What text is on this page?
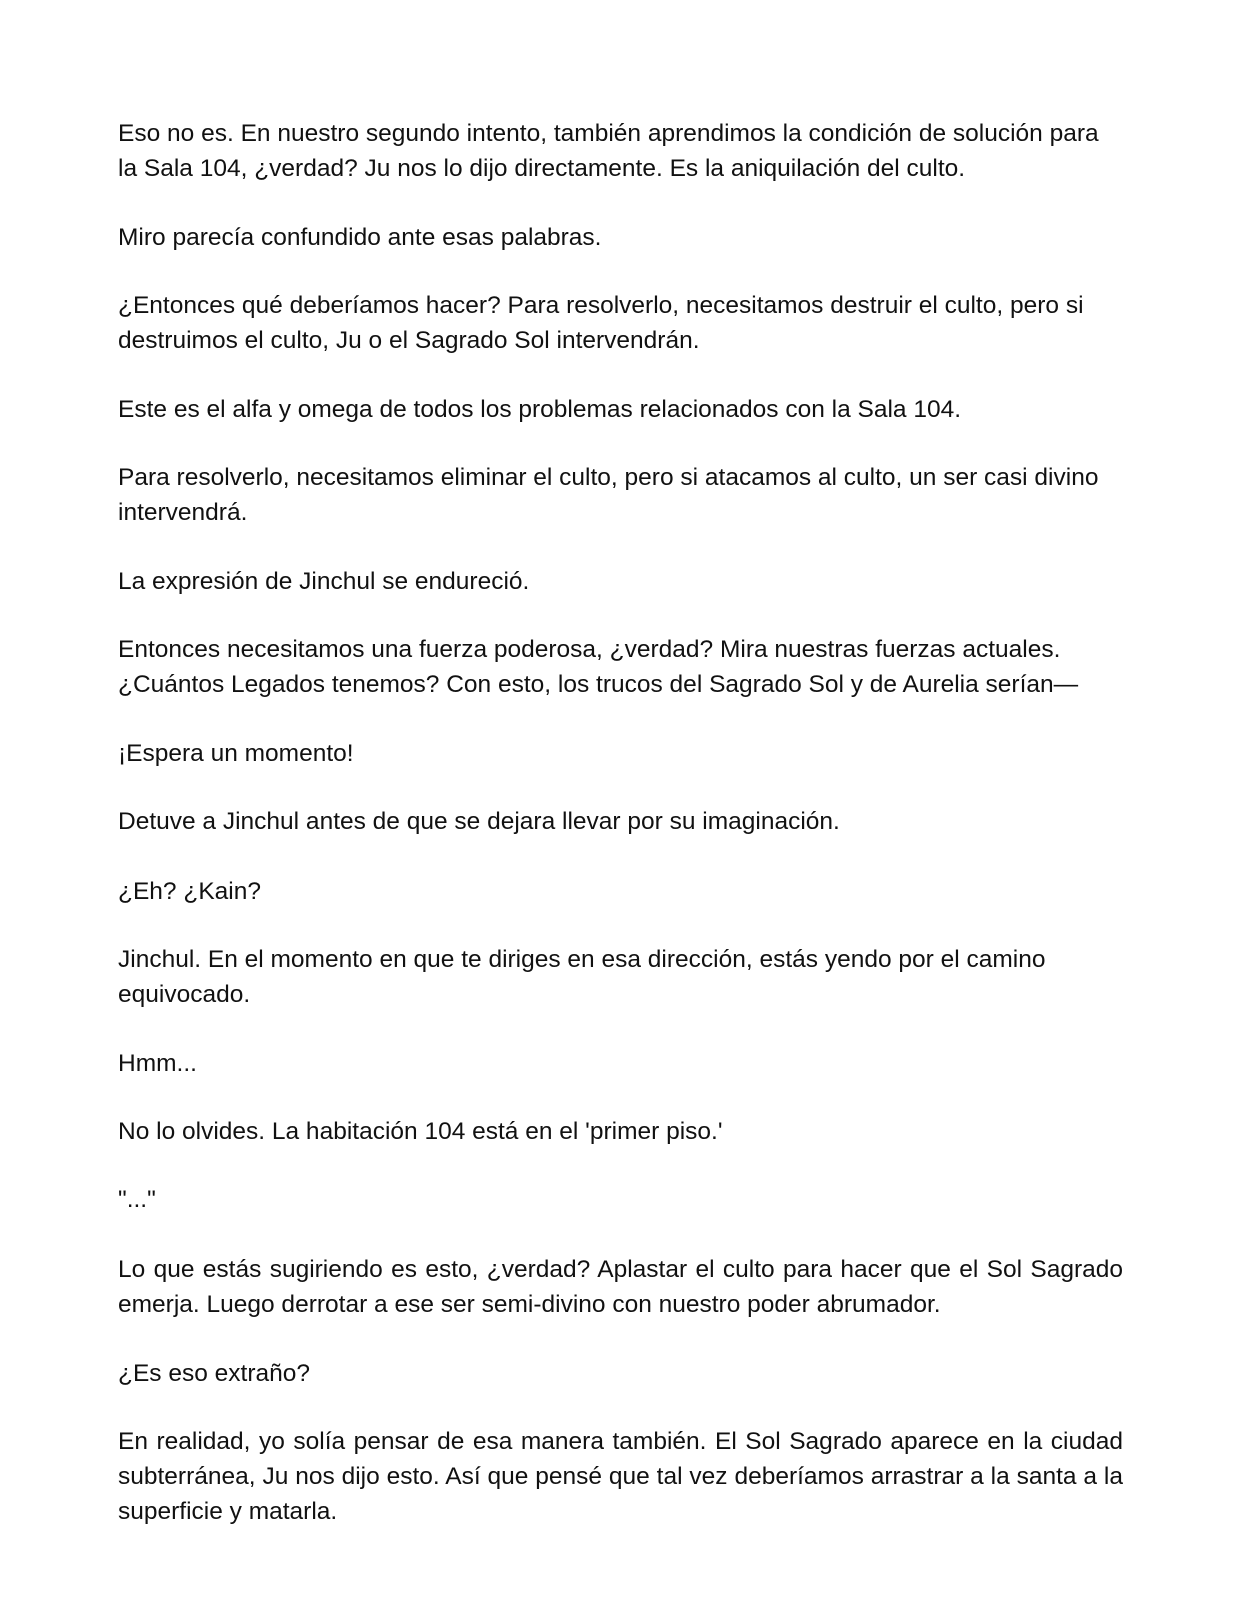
Eso no es. En nuestro segundo intento, también aprendimos la condición de solución para la Sala 104, ¿verdad? Ju nos lo dijo directamente. Es la aniquilación del culto.

Miro parecía confundido ante esas palabras.

¿Entonces qué deberíamos hacer? Para resolverlo, necesitamos destruir el culto, pero si destruimos el culto, Ju o el Sagrado Sol intervendrán.

Este es el alfa y omega de todos los problemas relacionados con la Sala 104.

Para resolverlo, necesitamos eliminar el culto, pero si atacamos al culto, un ser casi divino intervendrá.

La expresión de Jinchul se endureció.

Entonces necesitamos una fuerza poderosa, ¿verdad? Mira nuestras fuerzas actuales. ¿Cuántos Legados tenemos? Con esto, los trucos del Sagrado Sol y de Aurelia serían—

¡Espera un momento!

Detuve a Jinchul antes de que se dejara llevar por su imaginación.

¿Eh? ¿Kain?

Jinchul. En el momento en que te diriges en esa dirección, estás yendo por el camino equivocado.

Hmm...

No lo olvides. La habitación 104 está en el 'primer piso.'

"..."

Lo que estás sugiriendo es esto, ¿verdad? Aplastar el culto para hacer que el Sol Sagrado emerja. Luego derrotar a ese ser semi-divino con nuestro poder abrumador.

¿Es eso extraño?

En realidad, yo solía pensar de esa manera también. El Sol Sagrado aparece en la ciudad subterránea, Ju nos dijo esto. Así que pensé que tal vez deberíamos arrastrar a la santa a la superficie y matarla.
